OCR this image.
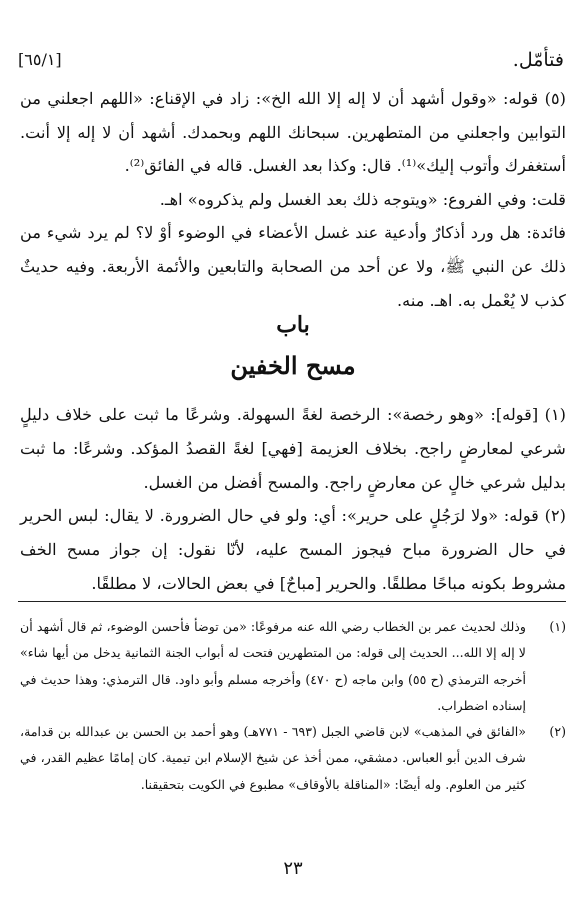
[٦٥/١]	فتأمّل.

(٥) قوله: «وقول أشهد أن لا إله إلا الله الخ»: زاد في الإقناع: «اللهم اجعلني من التوابين واجعلني من المتطهرين. سبحانك اللهم وبحمدك. أشهد أن لا إله إلا أنت. أستغفرك وأتوب إليك»⁽¹⁾. قال: وكذا بعد الغسل. قاله في الفائق⁽²⁾.

قلت: وفي الفروع: «ويتوجه ذلك بعد الغسل ولم يذكروه» اهـ.

فائدة: هل ورد أذكارٌ وأدعية عند غسل الأعضاء في الوضوء أوْ لا؟ لم يرد شيء من ذلك عن النبي ﷺ، ولا عن أحد من الصحابة والتابعين والأئمة الأربعة. وفيه حديثٌ كذب لا يُعْمل به. اهـ. منه.

باب
مسح الخفين

(١) [قوله]: «وهو رخصة»: الرخصة لغةً السهولة. وشرعًا ما ثبت على خلاف دليلٍ شرعي لمعارضٍ راجح. بخلاف العزيمة [فهي] لغةً القصدُ المؤكد. وشرعًا: ما ثبت بدليل شرعي خالٍ عن معارضٍ راجح. والمسح أفضل من الغسل.

(٢) قوله: «ولا لرَجُلٍ على حرير»: أي: ولو في حال الضرورة. لا يقال: لبس الحرير في حال الضرورة مباح فيجوز المسح عليه، لأنّا نقول: إن جواز مسح الخف مشروط بكونه مباحًا مطلقًا. والحرير [مباحٌ] في بعض الحالات، لا مطلقًا.

(١)
وذلك لحديث عمر بن الخطاب رضي الله عنه مرفوعًا: «من توضأ فأحسن الوضوء، ثم قال أشهد أن لا إله إلا الله... الحديث إلى قوله: من المتطهرين فتحت له أبواب الجنة الثمانية يدخل من أيها شاء» أخرجه الترمذي (ح ٥٥) وابن ماجه (ح ٤٧٠) وأخرجه مسلم وأبو داود. قال الترمذي: وهذا حديث في إسناده اضطراب.
(٢)
«الفائق في المذهب» لابن قاضي الجبل (٦٩٣ - ٧٧١هـ) وهو أحمد بن الحسن بن عبدالله بن قدامة، شرف الدين أبو العباس. دمشقي، ممن أخذ عن شيخ الإسلام ابن تيمية. كان إمامًا عظيم القدر، في كثير من العلوم. وله أيضًا: «المناقلة بالأوقاف» مطبوع في الكويت بتحقيقنا.
٢٣
